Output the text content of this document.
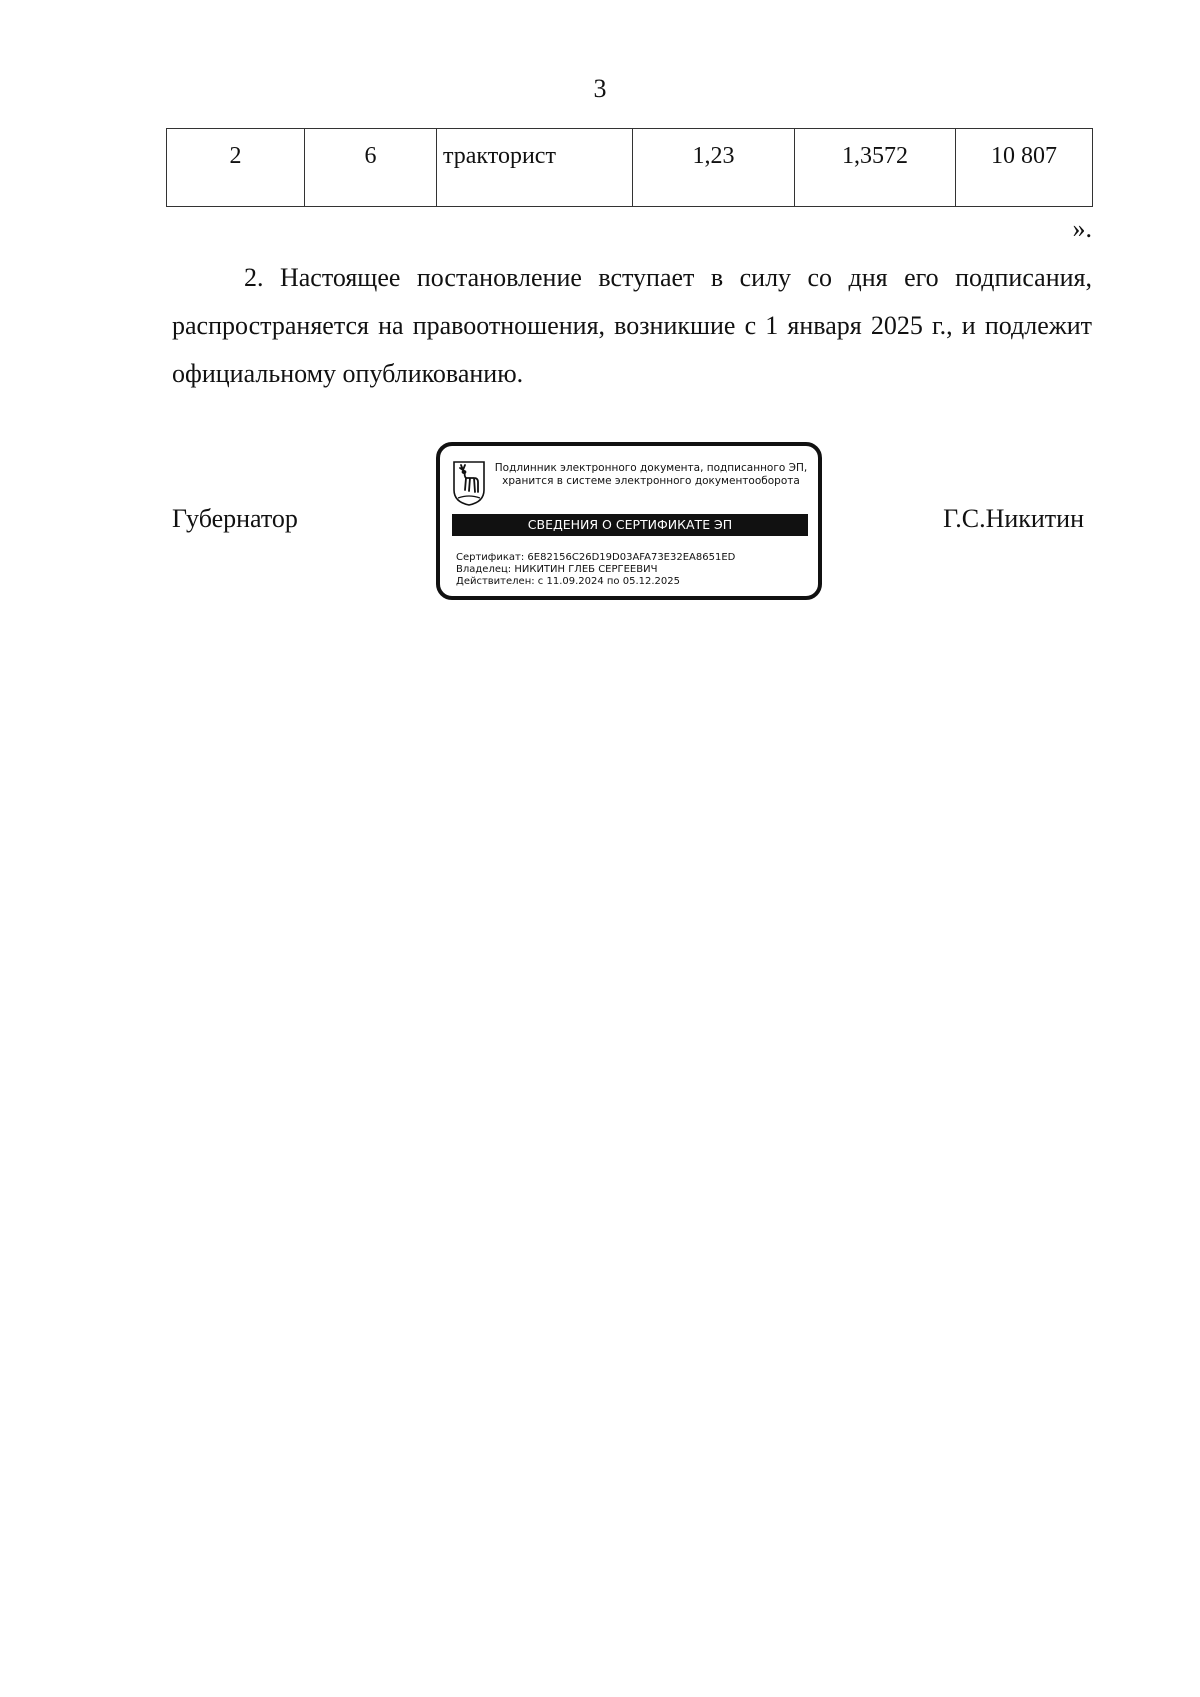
3
2	6	тракторист	1,23	1,3572	10 807
».

2. Настоящее постановление вступает в силу со дня его подписания, распространяется на правоотношения, возникшие с 1 января 2025 г., и подлежит официальному опубликованию.

Губернатор	Г.С.Никитин
Подлинник электронного документа, подписанного ЭП,
хранится в системе электронного документооборота
СВЕДЕНИЯ О СЕРТИФИКАТЕ ЭП
Сертификат: 6E82156C26D19D03AFA73E32EA8651ED
Владелец: НИКИТИН ГЛЕБ СЕРГЕЕВИЧ
Действителен: с 11.09.2024 по 05.12.2025
